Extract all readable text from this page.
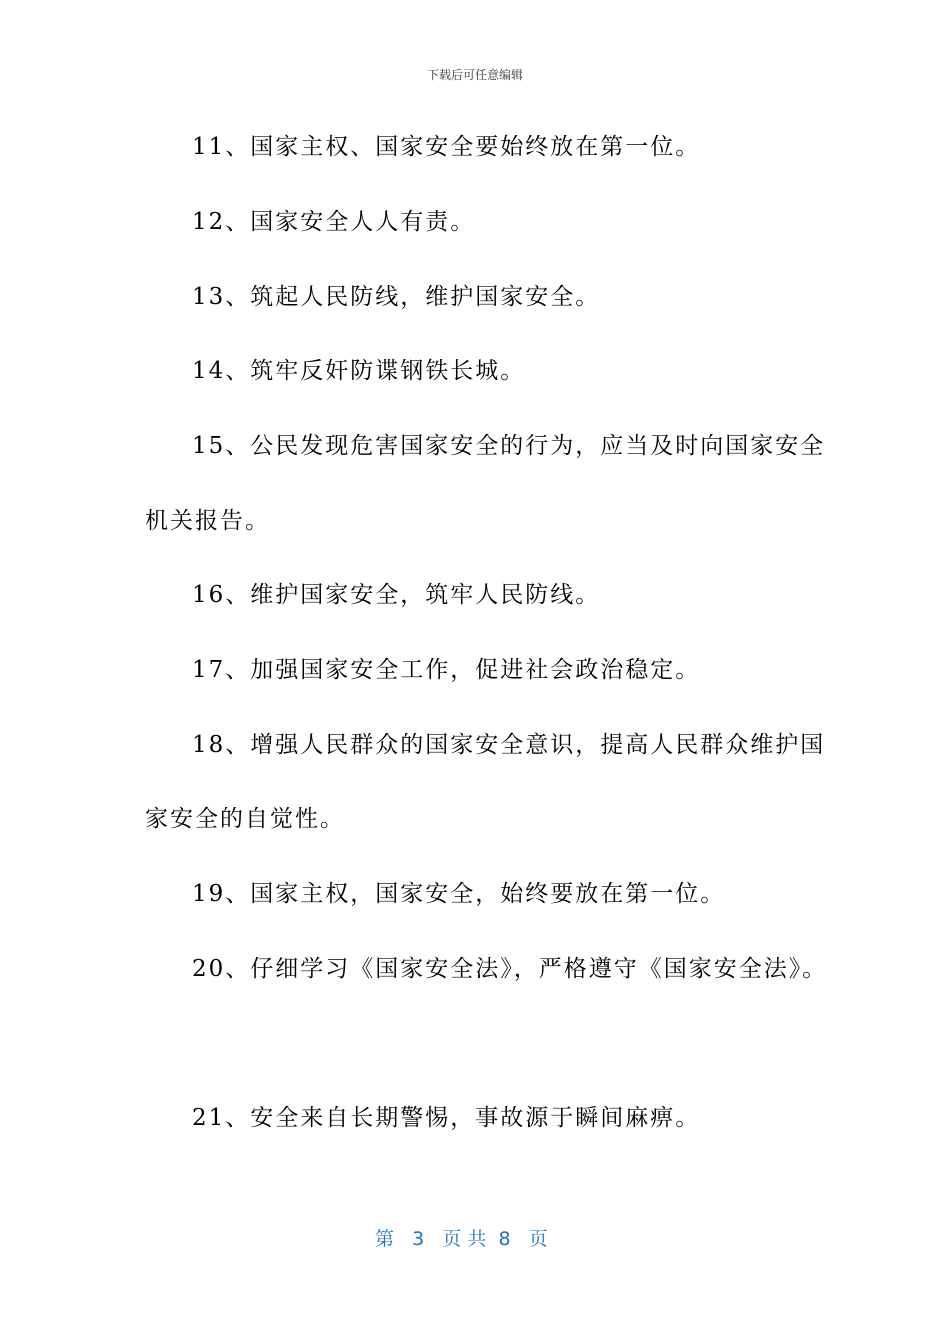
下载后可任意编辑
11、国家主权、国家安全要始终放在第一位。
12、国家安全人人有责。
13、筑起人民防线，维护国家安全。
14、筑牢反奸防谍钢铁长城。
15、公民发现危害国家安全的行为，应当及时向国家安全
机关报告。
16、维护国家安全，筑牢人民防线。
17、加强国家安全工作，促进社会政治稳定。
18、增强人民群众的国家安全意识，提高人民群众维护国
家安全的自觉性。
19、国家主权，国家安全，始终要放在第一位。
20、仔细学习《国家安全法》，严格遵守《国家安全法》。
21、安全来自长期警惕，事故源于瞬间麻痹。
第 3 页 共 8 页
